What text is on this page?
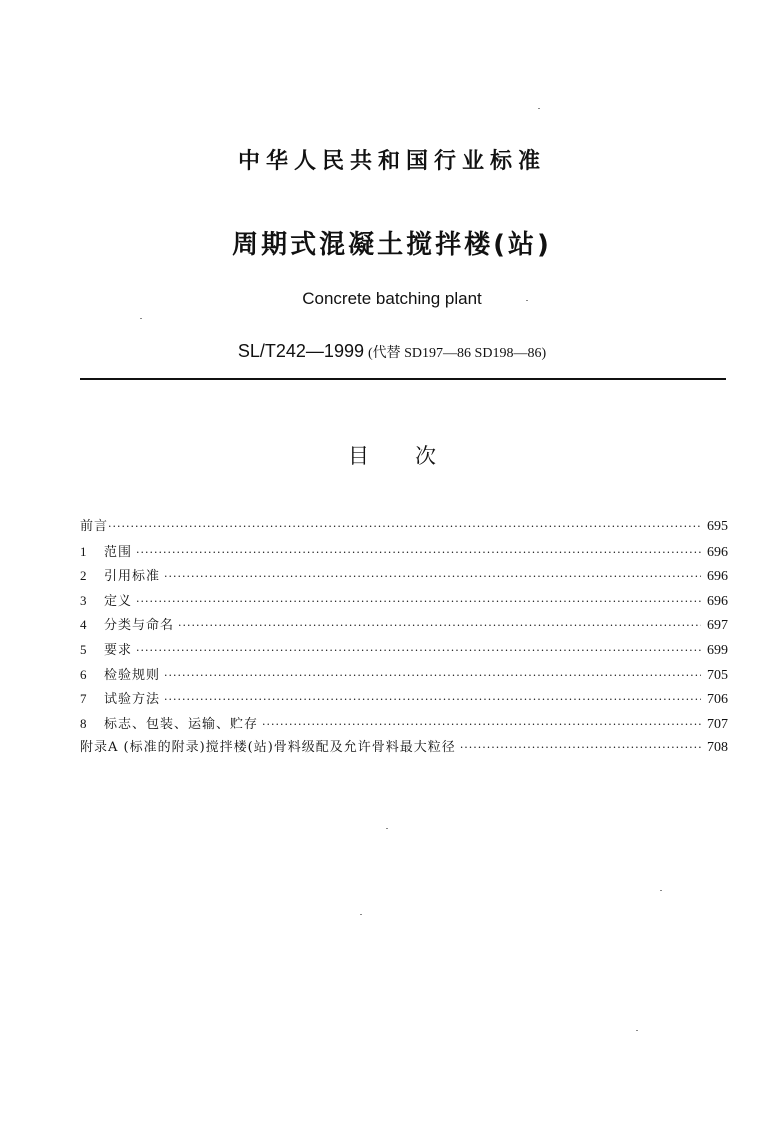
中华人民共和国行业标准
周期式混凝土搅拌楼(站)
Concrete batching plant
SL/T242—1999 (代替 SD197—86 SD198—86)
目次
前言 ·····	695
1	范围 ·····	696
2	引用标准 ·····	696
3	定义 ·····	696
4	分类与命名 ·····	697
5	要求 ·····	699
6	检验规则 ·····	705
7	试验方法 ·····	706
8	标志、包装、运输、贮存 ·····	707
附录A (标准的附录)搅拌楼(站)骨料级配及允许骨料最大粒径 ·····	708
